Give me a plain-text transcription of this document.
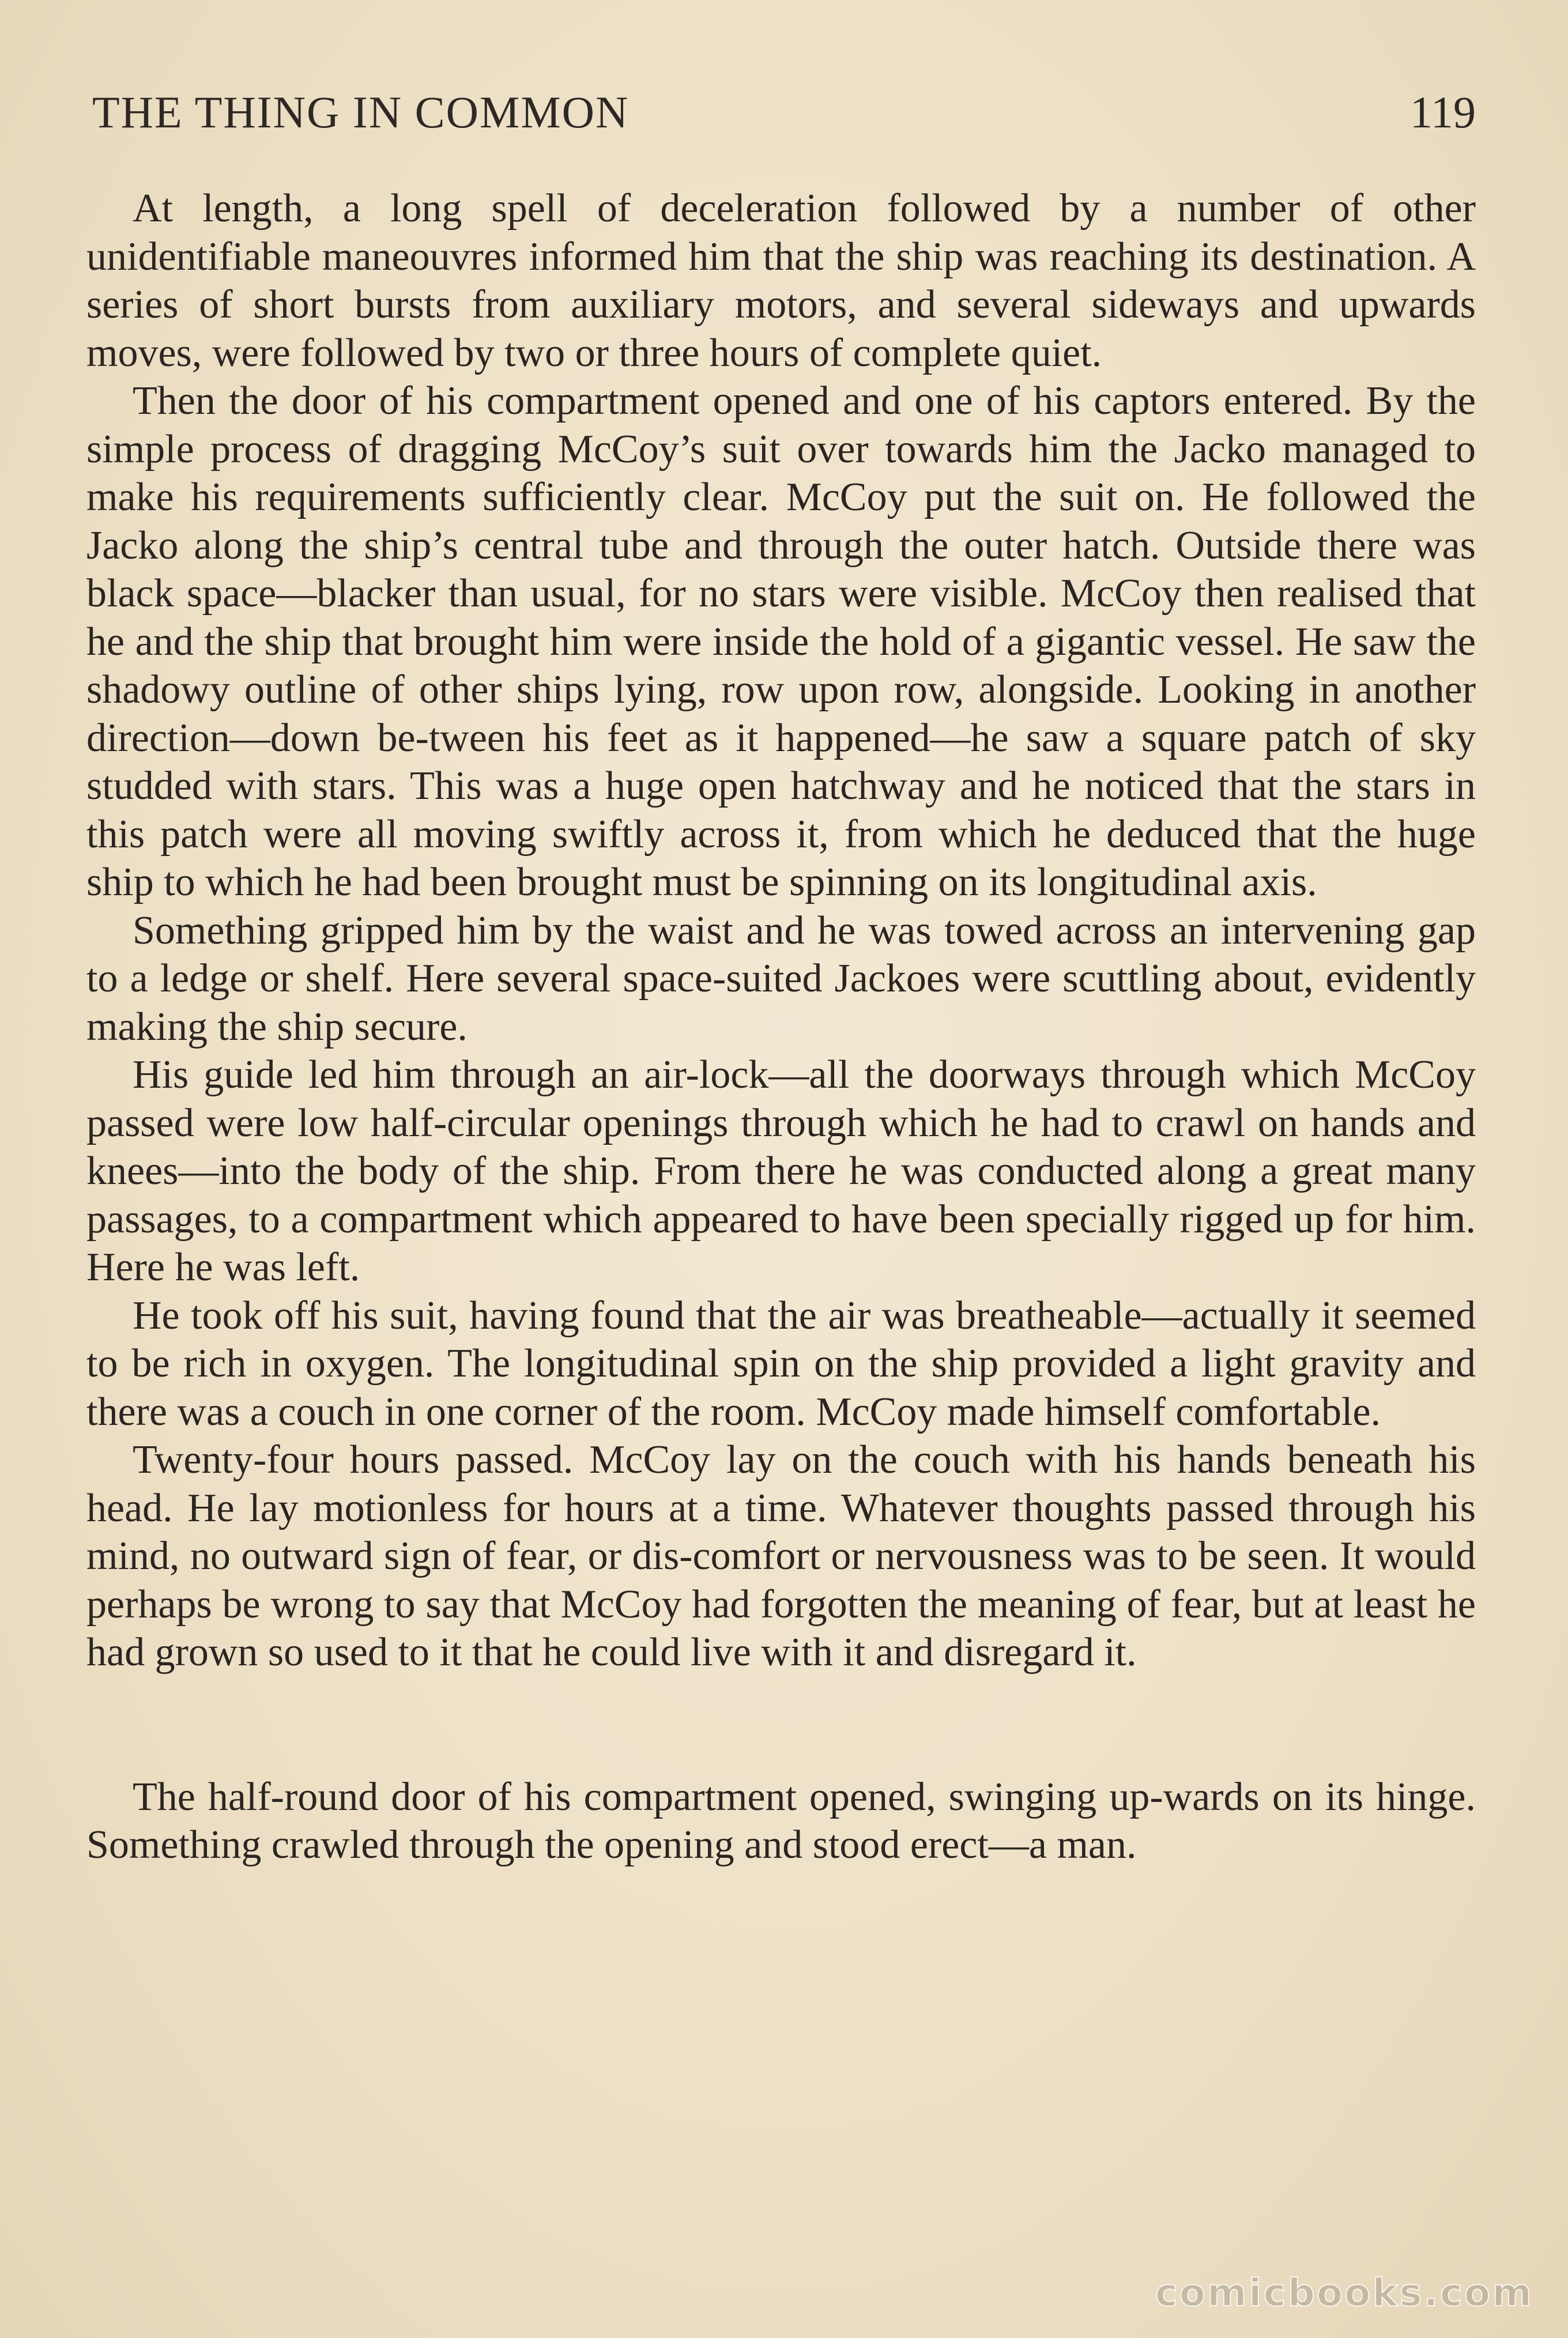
THE THING IN COMMON	119

At length, a long spell of deceleration followed by a number of other unidentifiable maneouvres informed him that the ship was reaching its destination. A series of short bursts from auxiliary motors, and several sideways and upwards moves, were followed by two or three hours of complete quiet.

Then the door of his compartment opened and one of his captors entered. By the simple process of dragging McCoy’s suit over towards him the Jacko managed to make his requirements sufficiently clear. McCoy put the suit on. He followed the Jacko along the ship’s central tube and through the outer hatch. Outside there was black space—blacker than usual, for no stars were visible. McCoy then realised that he and the ship that brought him were inside the hold of a gigantic vessel. He saw the shadowy outline of other ships lying, row upon row, alongside. Looking in another direction—down be-tween his feet as it happened—he saw a square patch of sky studded with stars. This was a huge open hatchway and he noticed that the stars in this patch were all moving swiftly across it, from which he deduced that the huge ship to which he had been brought must be spinning on its longitudinal axis.

Something gripped him by the waist and he was towed across an intervening gap to a ledge or shelf. Here several space-suited Jackoes were scuttling about, evidently making the ship secure.

His guide led him through an air-lock—all the doorways through which McCoy passed were low half-circular openings through which he had to crawl on hands and knees—into the body of the ship. From there he was conducted along a great many passages, to a compartment which appeared to have been specially rigged up for him. Here he was left.

He took off his suit, having found that the air was breatheable—actually it seemed to be rich in oxygen. The longitudinal spin on the ship provided a light gravity and there was a couch in one corner of the room. McCoy made himself comfortable.

Twenty-four hours passed. McCoy lay on the couch with his hands beneath his head. He lay motionless for hours at a time. Whatever thoughts passed through his mind, no outward sign of fear, or dis-comfort or nervousness was to be seen. It would perhaps be wrong to say that McCoy had forgotten the meaning of fear, but at least he had grown so used to it that he could live with it and disregard it.

The half-round door of his compartment opened, swinging up-wards on its hinge. Something crawled through the opening and stood erect—a man.

comicbooks.com
